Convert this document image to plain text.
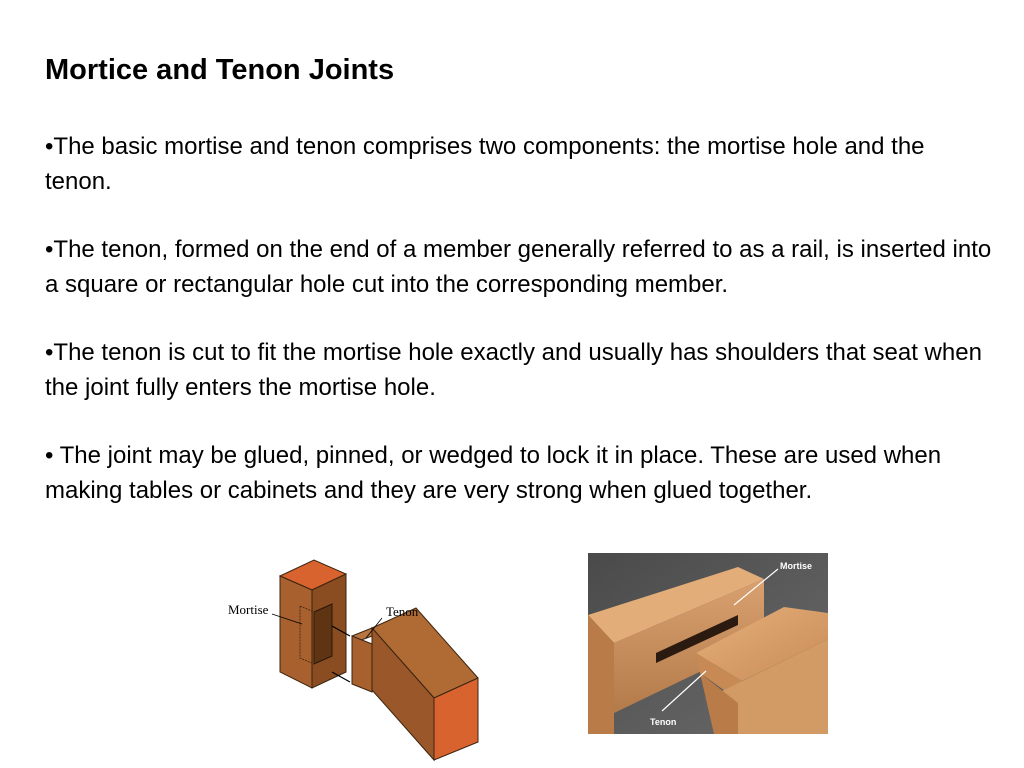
Mortice and Tenon Joints

•The basic mortise and tenon comprises two components: the mortise hole and the tenon.

•The tenon, formed on the end of a member generally referred to as a rail, is inserted into a square or rectangular hole cut into the corresponding member.

•The tenon is cut to fit the mortise hole exactly and usually has shoulders that seat when the joint fully enters the mortise hole.

• The joint may be glued, pinned, or wedged to lock it in place. These are used when making tables or cabinets and they are very strong when glued together.

Mortise	Tenon
Mortise
Tenon
